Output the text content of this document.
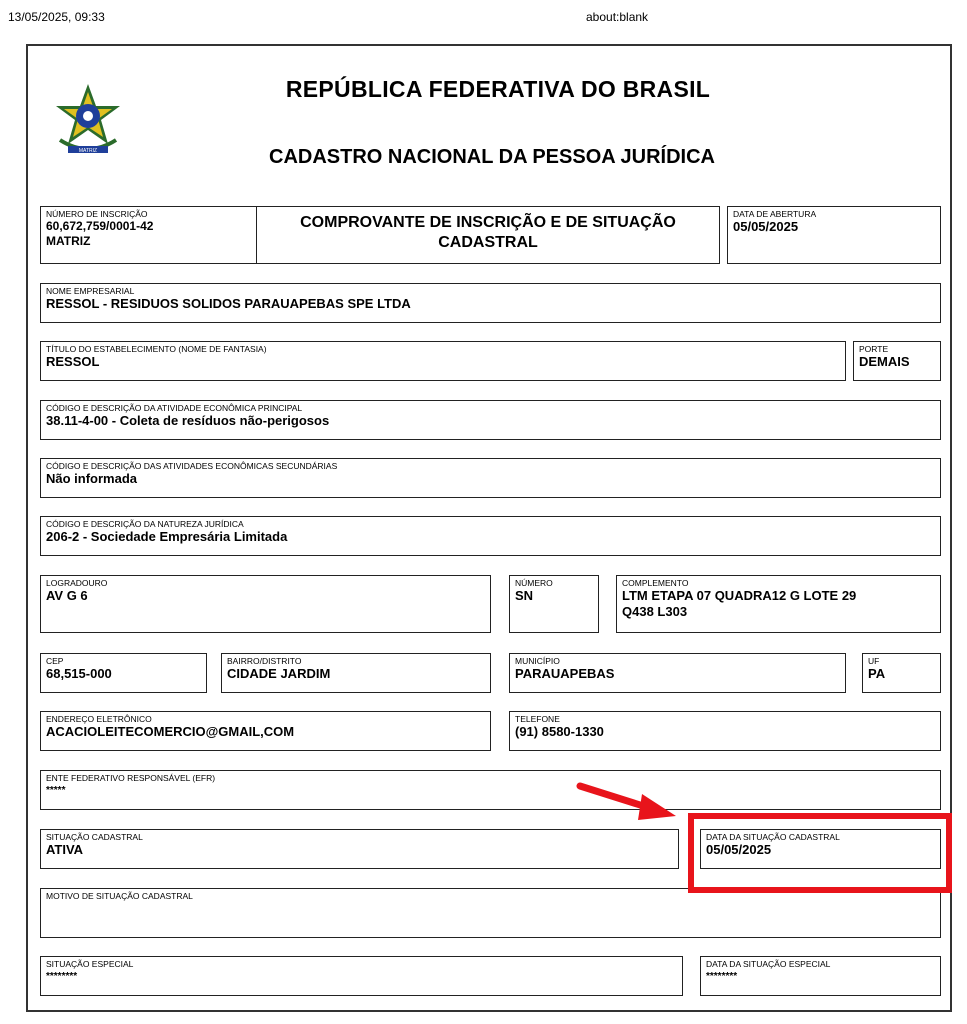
13/05/2025, 09:33	about:blank
MATRIZ
REPÚBLICA FEDERATIVA DO BRASIL
CADASTRO NACIONAL DA PESSOA JURÍDICA
NÚMERO DE INSCRIÇÃO
60,672,759/0001-42
MATRIZ
COMPROVANTE DE INSCRIÇÃO E DE SITUAÇÃO CADASTRAL
DATA DE ABERTURA
05/05/2025
NOME EMPRESARIAL
RESSOL - RESIDUOS SOLIDOS PARAUAPEBAS SPE LTDA
TÍTULO DO ESTABELECIMENTO (NOME DE FANTASIA)
RESSOL
PORTE
DEMAIS
CÓDIGO E DESCRIÇÃO DA ATIVIDADE ECONÔMICA PRINCIPAL
38.11-4-00 - Coleta de resíduos não-perigosos
CÓDIGO E DESCRIÇÃO DAS ATIVIDADES ECONÔMICAS SECUNDÁRIAS
Não informada
CÓDIGO E DESCRIÇÃO DA NATUREZA JURÍDICA
206-2 - Sociedade Empresária Limitada
LOGRADOURO
AV G 6
NÚMERO
SN
COMPLEMENTO
LTM ETAPA 07 QUADRA12 G LOTE 29
Q438 L303
CEP
68,515-000
BAIRRO/DISTRITO
CIDADE JARDIM
MUNICÍPIO
PARAUAPEBAS
UF
PA
ENDEREÇO ELETRÔNICO
ACACIOLEITECOMERCIO@GMAIL,COM
TELEFONE
(91) 8580-1330
ENTE FEDERATIVO RESPONSÁVEL (EFR)
*****
SITUAÇÃO CADASTRAL
ATIVA
DATA DA SITUAÇÃO CADASTRAL
05/05/2025
MOTIVO DE SITUAÇÃO CADASTRAL
SITUAÇÃO ESPECIAL
********
DATA DA SITUAÇÃO ESPECIAL
********
